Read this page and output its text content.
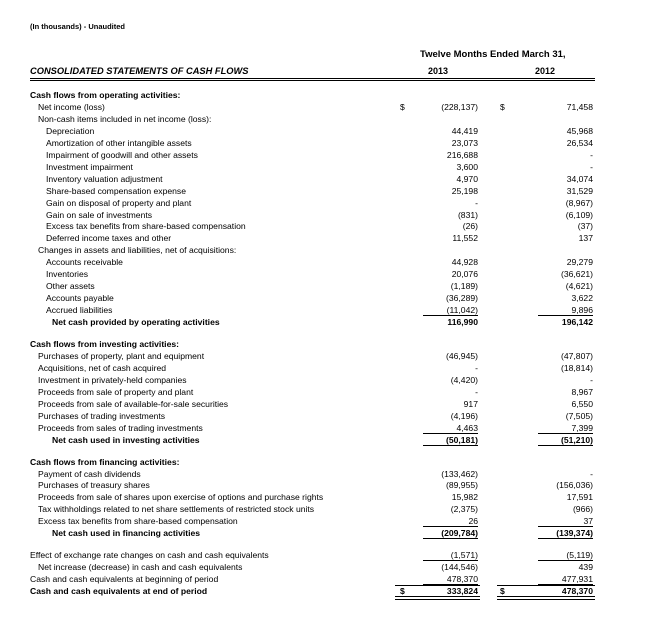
(In thousands) - Unaudited
Twelve Months Ended March 31,
CONSOLIDATED STATEMENTS OF CASH FLOWS	2013	2012
Cash flows from operating activities:
Net income (loss)	(228,137)	71,458
$	$
Non-cash items included in net income (loss):
Depreciation	44,419	45,968
Amortization of other intangible assets	23,073	26,534
Impairment of goodwill and other assets	216,688	-
Investment impairment	3,600	-
Inventory valuation adjustment	4,970	34,074
Share-based compensation expense	25,198	31,529
Gain on disposal of property and plant	-	(8,967)
Gain on sale of investments	(831)	(6,109)
Excess tax benefits from share-based compensation	(26)	(37)
Deferred income taxes and other	11,552	137
Changes in assets and liabilities, net of acquisitions:
Accounts receivable	44,928	29,279
Inventories	20,076	(36,621)
Other assets	(1,189)	(4,621)
Accounts payable	(36,289)	3,622
Accrued liabilities	(11,042)	9,896
Net cash provided by operating activities	116,990	196,142
Cash flows from investing activities:
Purchases of property, plant and equipment	(46,945)	(47,807)
Acquisitions, net of cash acquired	-	(18,814)
Investment in privately-held companies	(4,420)	-
Proceeds from sale of property and plant	-	8,967
Proceeds from sale of available-for-sale securities	917	6,550
Purchases of trading investments	(4,196)	(7,505)
Proceeds from sales of trading investments	4,463	7,399
Net cash used in investing activities	(50,181)	(51,210)
Cash flows from financing activities:
Payment of cash dividends	(133,462)	-
Purchases of treasury shares	(89,955)	(156,036)
Proceeds from sale of shares upon exercise of options and purchase rights	15,982	17,591
Tax withholdings related to net share settlements of restricted stock units	(2,375)	(966)
Excess tax benefits from share-based compensation	26	37
Net cash used in financing activities	(209,784)	(139,374)
Effect of exchange rate changes on cash and cash equivalents	(1,571)	(5,119)
Net increase (decrease) in cash and cash equivalents	(144,546)	439
Cash and cash equivalents at beginning of period	478,370	477,931
Cash and cash equivalents at end of period	333,824	478,370
$	$
